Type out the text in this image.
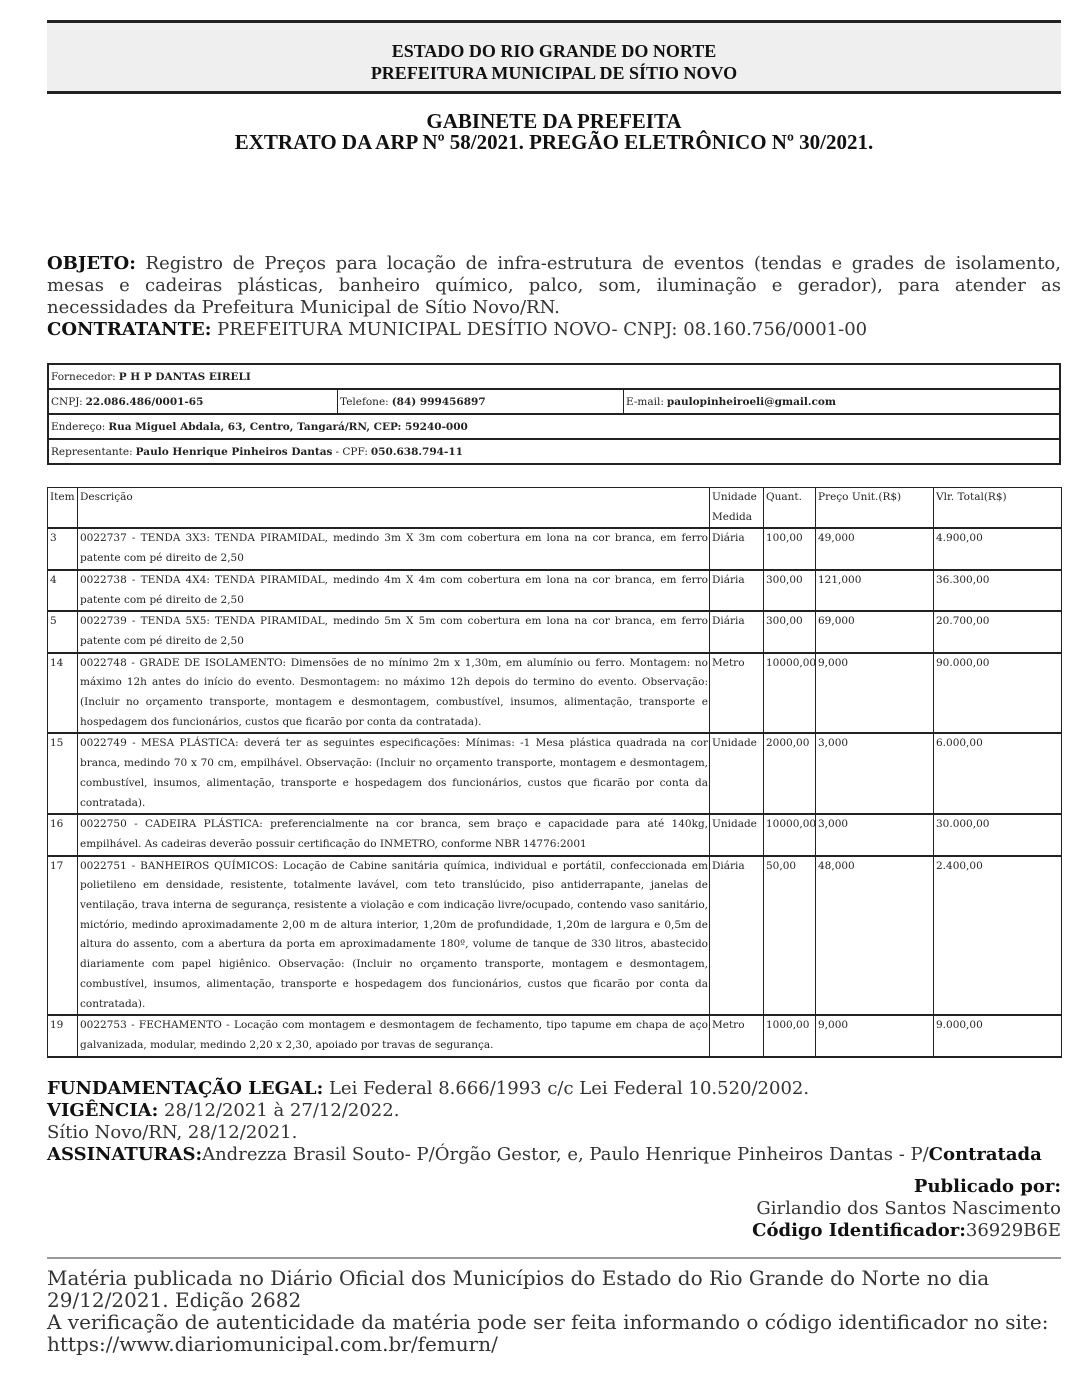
ESTADO DO RIO GRANDE DO NORTE
PREFEITURA MUNICIPAL DE SÍTIO NOVO
GABINETE DA PREFEITA
EXTRATO DA ARP Nº 58/2021. PREGÃO ELETRÔNICO Nº 30/2021.
OBJETO: Registro de Preços para locação de infra-estrutura de eventos (tendas e grades de isolamento, mesas e cadeiras plásticas, banheiro químico, palco, som, iluminação e gerador), para atender as necessidades da Prefeitura Municipal de Sítio Novo/RN.
CONTRATANTE: PREFEITURA MUNICIPAL DESÍTIO NOVO- CNPJ: 08.160.756/0001-00
Fornecedor: P H P DANTAS EIRELI
CNPJ: 22.086.486/0001-65	Telefone: (84) 999456897	E-mail: paulopinheiroeli@gmail.com
Endereço: Rua Miguel Abdala, 63, Centro, Tangará/RN, CEP: 59240-000
Representante: Paulo Henrique Pinheiros Dantas - CPF: 050.638.794-11
Item	Descrição	Unidade Medida	Quant.	Preço Unit.(R$)	Vlr. Total(R$)
3	0022737 - TENDA 3X3: TENDA PIRAMIDAL, medindo 3m X 3m com cobertura em lona na cor branca, em ferro patente com pé direito de 2,50	Diária	100,00	49,000	4.900,00
4	0022738 - TENDA 4X4: TENDA PIRAMIDAL, medindo 4m X 4m com cobertura em lona na cor branca, em ferro patente com pé direito de 2,50	Diária	300,00	121,000	36.300,00
5	0022739 - TENDA 5X5: TENDA PIRAMIDAL, medindo 5m X 5m com cobertura em lona na cor branca, em ferro patente com pé direito de 2,50	Diária	300,00	69,000	20.700,00
14	0022748 - GRADE DE ISOLAMENTO: Dimensões de no mínimo 2m x 1,30m, em alumínio ou ferro. Montagem: no máximo 12h antes do início do evento. Desmontagem: no máximo 12h depois do termino do evento. Observação: (Incluir no orçamento transporte, montagem e desmontagem, combustível, insumos, alimentação, transporte e hospedagem dos funcionários, custos que ficarão por conta da contratada).	Metro	10000,00	9,000	90.000,00
15	0022749 - MESA PLÁSTICA: deverá ter as seguintes especificações: Mínimas: -1 Mesa plástica quadrada na cor branca, medindo 70 x 70 cm, empilhável. Observação: (Incluir no orçamento transporte, montagem e desmontagem, combustível, insumos, alimentação, transporte e hospedagem dos funcionários, custos que ficarão por conta da contratada).	Unidade	2000,00	3,000	6.000,00
16	0022750 - CADEIRA PLÁSTICA: preferencialmente na cor branca, sem braço e capacidade para até 140kg, empilhável. As cadeiras deverão possuir certificação do INMETRO, conforme NBR 14776:2001	Unidade	10000,00	3,000	30.000,00
17	0022751 - BANHEIROS QUÍMICOS: Locação de Cabine sanitária química, individual e portátil, confeccionada em polietileno em densidade, resistente, totalmente lavável, com teto translúcido, piso antiderrapante, janelas de ventilação, trava interna de segurança, resistente a violação e com indicação livre/ocupado, contendo vaso sanitário, mictório, medindo aproximadamente 2,00 m de altura interior, 1,20m de profundidade, 1,20m de largura e 0,5m de altura do assento, com a abertura da porta em aproximadamente 180º, volume de tanque de 330 litros, abastecido diariamente com papel higiênico. Observação: (Incluir no orçamento transporte, montagem e desmontagem, combustível, insumos, alimentação, transporte e hospedagem dos funcionários, custos que ficarão por conta da contratada).	Diária	50,00	48,000	2.400,00
19	0022753 - FECHAMENTO - Locação com montagem e desmontagem de fechamento, tipo tapume em chapa de aço galvanizada, modular, medindo 2,20 x 2,30, apoiado por travas de segurança.	Metro	1000,00	9,000	9.000,00
FUNDAMENTAÇÃO LEGAL: Lei Federal 8.666/1993 c/c Lei Federal 10.520/2002.
VIGÊNCIA: 28/12/2021 à 27/12/2022.
Sítio Novo/RN, 28/12/2021.
ASSINATURAS:Andrezza Brasil Souto- P/Órgão Gestor, e, Paulo Henrique Pinheiros Dantas - P/Contratada
Publicado por:
Girlandio dos Santos Nascimento
Código Identificador:36929B6E
Matéria publicada no Diário Oficial dos Municípios do Estado do Rio Grande do Norte no dia 29/12/2021. Edição 2682
A verificação de autenticidade da matéria pode ser feita informando o código identificador no site: https://www.diariomunicipal.com.br/femurn/
